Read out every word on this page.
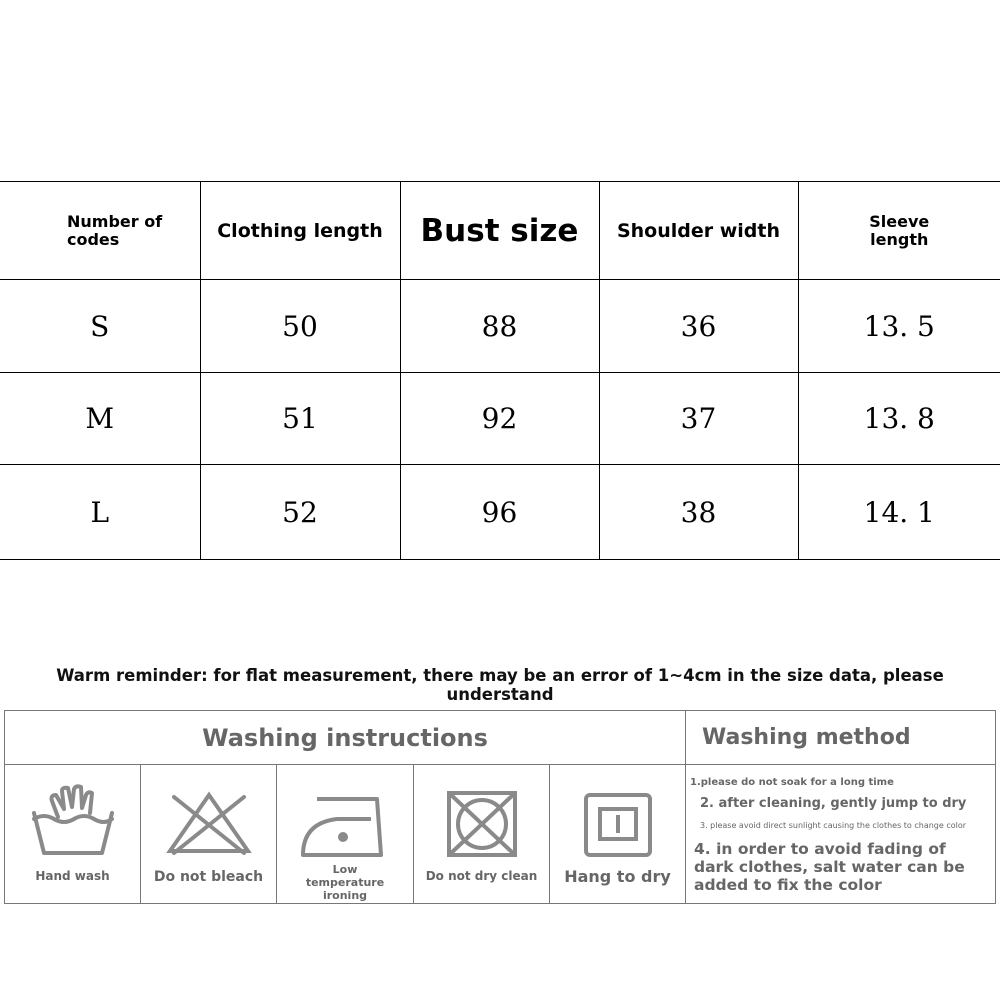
Number of codes	Clothing length	Bust size	Shoulder width	Sleeve length

S	50	88	36	13. 5
M	51	92	37	13. 8
L	52	96	38	14. 1
Warm reminder: for flat measurement, there may be an error of 1~4cm in the size data, please understand
Washing instructions	Washing method
Hand wash	Do not bleach	Low temperature ironing
Do not dry clean	Hang to dry
1.please do not soak for a long time
2. after cleaning, gently jump to dry
3. please avoid direct sunlight causing the clothes to change color
4. in order to avoid fading of dark clothes, salt water can be added to fix the color
